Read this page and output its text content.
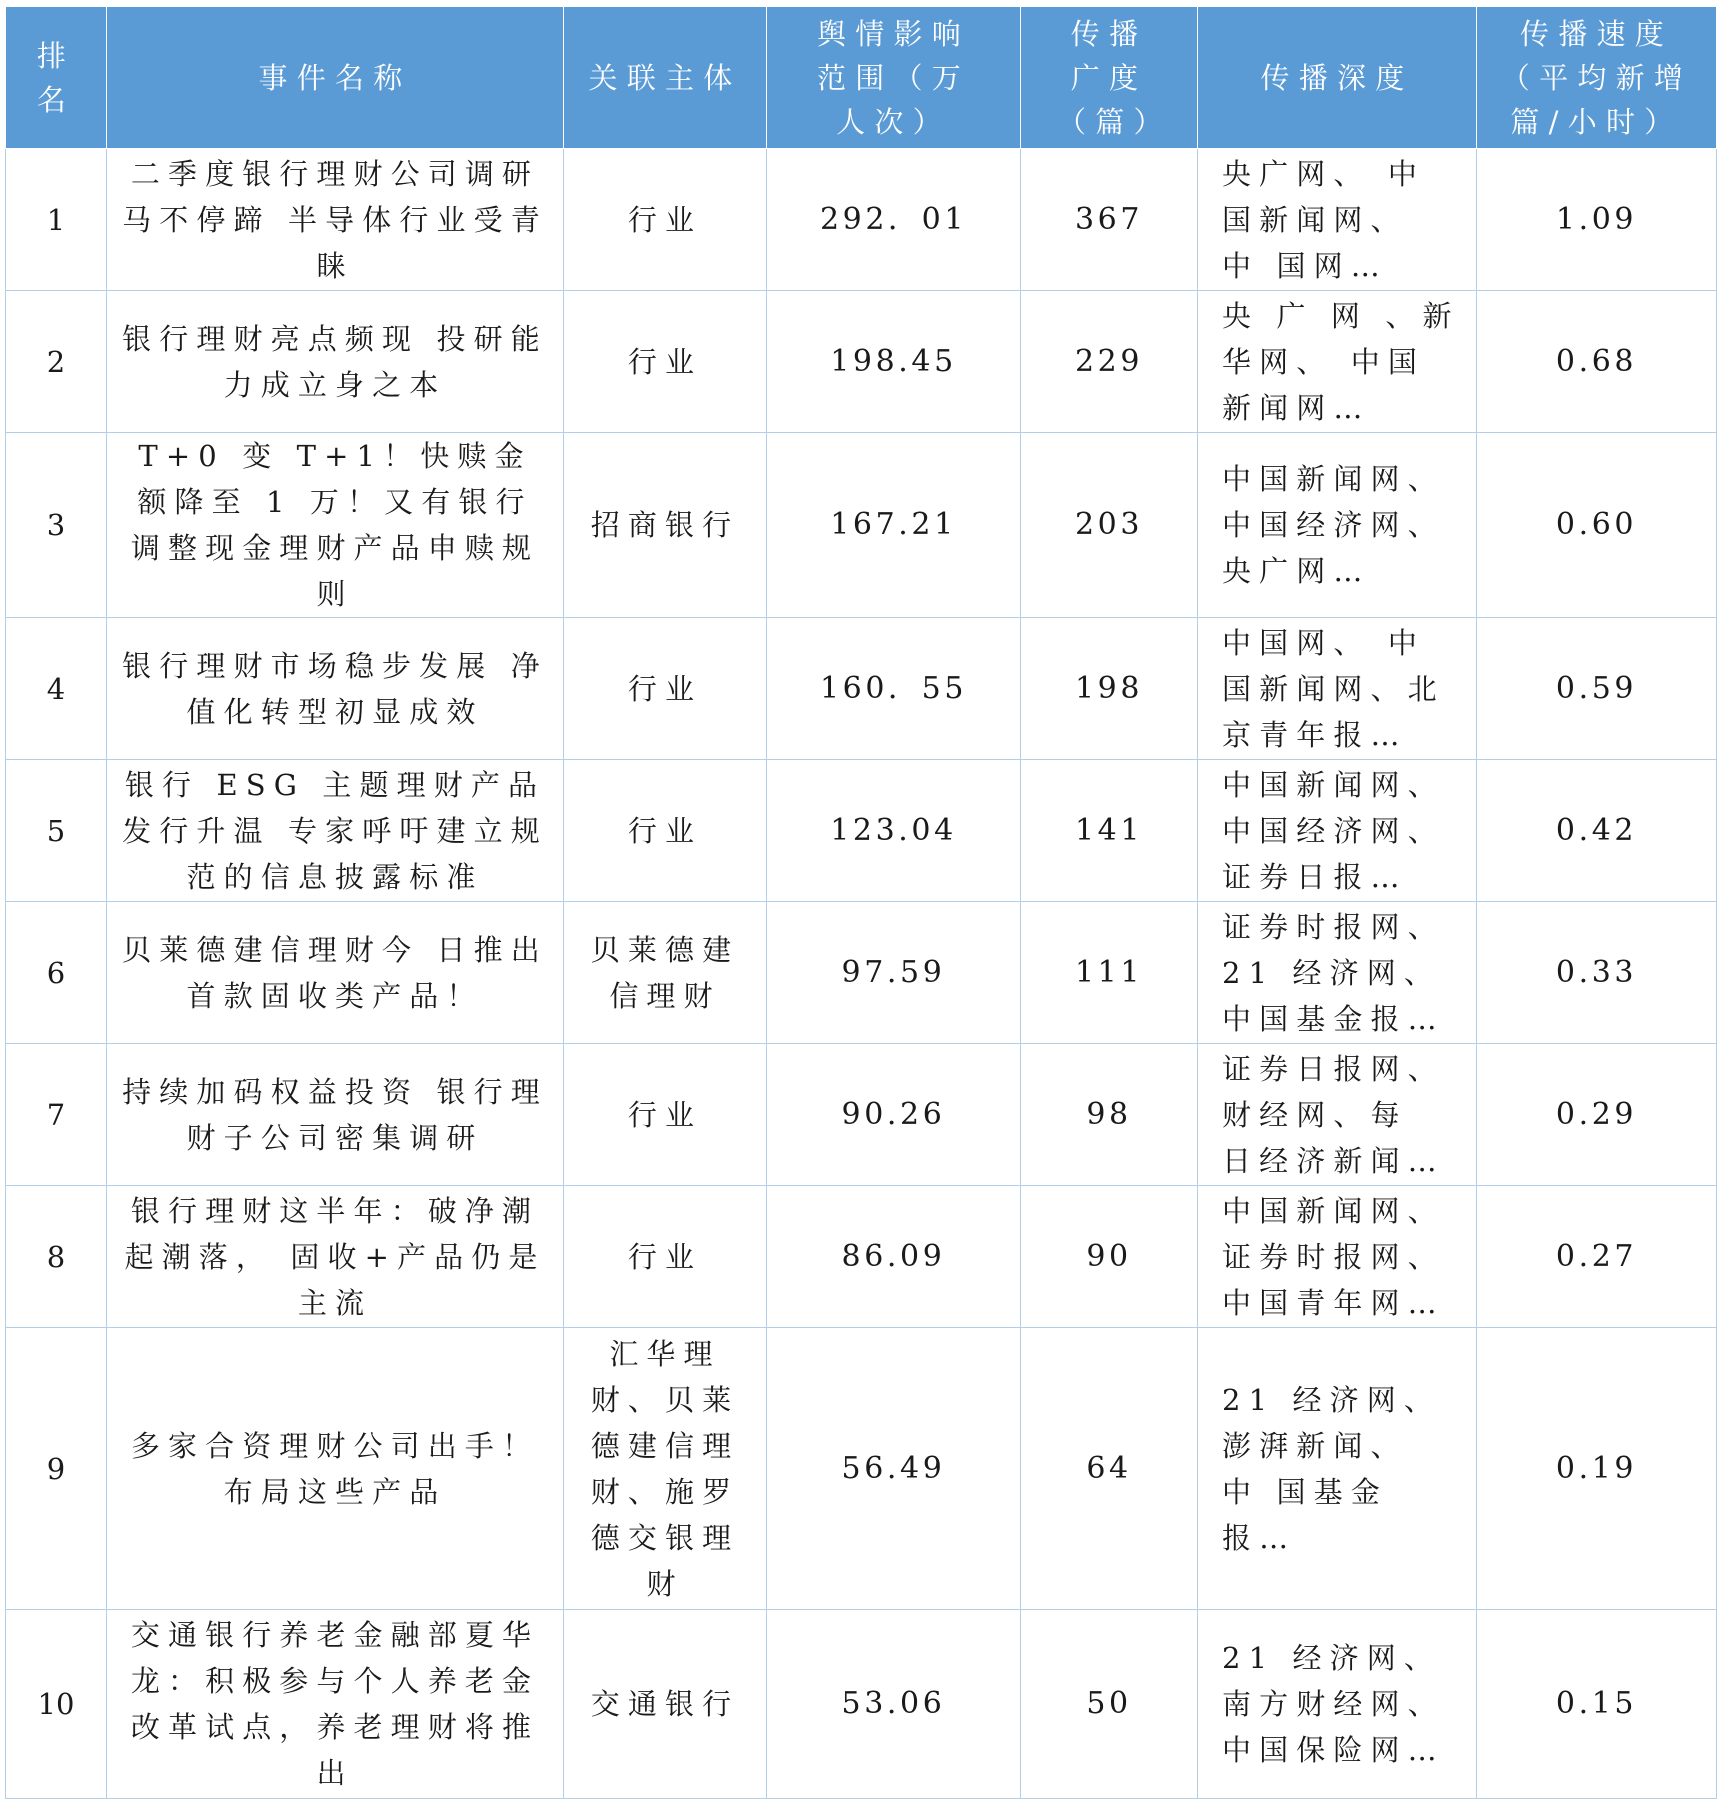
排名	事件名称	关联主体	舆情影响范围（万人次）	传播广度（篇）	传播深度	传播速度（平均新增篇/小时）
1	二季度银行理财公司调研马不停蹄 半导体行业受青睐	行业	292．01	367	央广网、 中 国新闻网、 中 国网…	1.09
2	银行理财亮点频现 投研能力成立身之本	行业	198.45	229	央 广 网 、新华网、 中国新闻网…	0.68
3	T+0 变 T+1！快赎金额降至 1 万！又有银行调整现金理财产品申赎规则	招商银行	167.21	203	中国新闻网、中国经济网、央广网…	0.60
4	银行理财市场稳步发展 净值化转型初显成效	行业	160．55	198	中国网、 中 国新闻网、北京青年报…	0.59
5	银行 ESG 主题理财产品发行升温 专家呼吁建立规范的信息披露标准	行业	123.04	141	中国新闻网、中国经济网、证券日报…	0.42
6	贝莱德建信理财今 日推出首款固收类产品！	贝莱德建信理财	97.59	111	证券时报网、21 经济网、 中国基金报…	0.33
7	持续加码权益投资 银行理财子公司密集调研	行业	90.26	98	证券日报网、财经网、每 日经济新闻…	0.29
8	银行理财这半年：破净潮起潮落， 固收+产品仍是主流	行业	86.09	90	中国新闻网、证券时报网、中国青年网…	0.27
9	多家合资理财公司出手！布局这些产品	汇华理财、贝莱德建信理财、施罗德交银理财	56.49	64	21 经济网、澎湃新闻、 中 国基金报…	0.19
10	交通银行养老金融部夏华龙：积极参与个人养老金改革试点，养老理财将推出	交通银行	53.06	50	21 经济网、南方财经网、 中国保险网…	0.15
